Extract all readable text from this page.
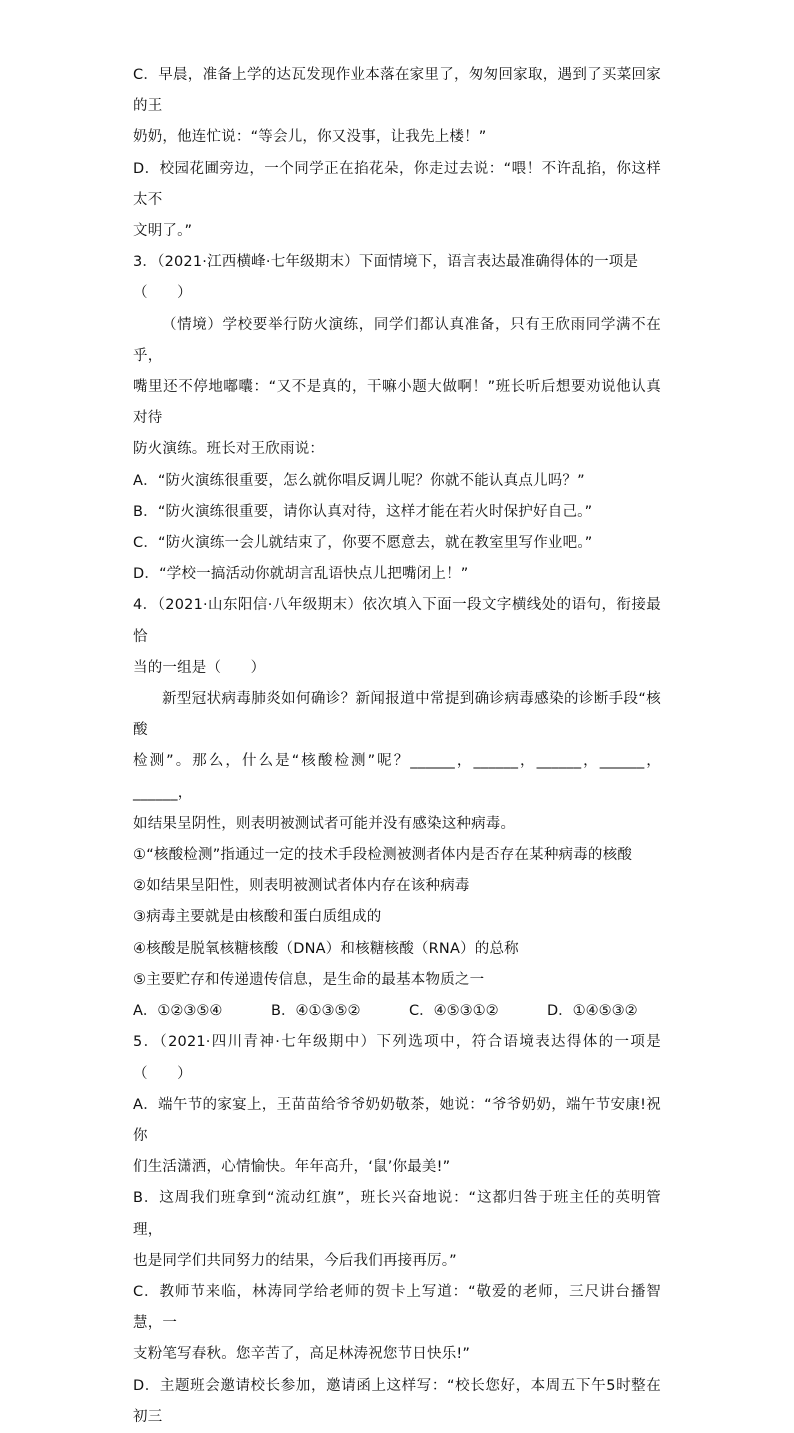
C．早晨，准备上学的达瓦发现作业本落在家里了，匆匆回家取，遇到了买菜回家的王

奶奶，他连忙说：“等会儿，你又没事，让我先上楼！”

D．校园花圃旁边，一个同学正在掐花朵，你走过去说：“喂！不许乱掐，你这样太不

文明了。”

3．（2021·江西横峰·七年级期末）下面情境下，语言表达最准确得体的一项是

（　　）

（情境）学校要举行防火演练，同学们都认真准备，只有王欣雨同学满不在乎，

嘴里还不停地嘟囔：“又不是真的，干嘛小题大做啊！”班长听后想要劝说他认真对待

防火演练。班长对王欣雨说：

A．“防火演练很重要，怎么就你唱反调儿呢？你就不能认真点儿吗？”

B．“防火演练很重要，请你认真对待，这样才能在若火时保护好自己。”

C．“防火演练一会儿就结束了，你要不愿意去，就在教室里写作业吧。”

D．“学校一搞活动你就胡言乱语快点儿把嘴闭上！”

4．（2021·山东阳信·八年级期末）依次填入下面一段文字横线处的语句，衔接最恰

当的一组是（　　）

新型冠状病毒肺炎如何确诊？新闻报道中常提到确诊病毒感染的诊断手段“核酸

检测”。那么，什么是“核酸检测”呢？______，______，______，______，______，

如结果呈阴性，则表明被测试者可能并没有感染这种病毒。

①“核酸检测”指通过一定的技术手段检测被测者体内是否存在某种病毒的核酸

②如结果呈阳性，则表明被测试者体内存在该种病毒

③病毒主要就是由核酸和蛋白质组成的

④核酸是脱氧核糖核酸（DNA）和核糖核酸（RNA）的总称

⑤主要贮存和传递遗传信息，是生命的最基本物质之一

A．①②③⑤④	B．④①③⑤②	C．④⑤③①②	D．①④⑤③②

5．（2021·四川青神·七年级期中）下列选项中，符合语境表达得体的一项是（　　）

A．端午节的家宴上，王苗苗给爷爷奶奶敬茶，她说：“爷爷奶奶，端午节安康!祝你

们生活潇洒，心情愉快。年年高升，‘鼠’你最美!”

B．这周我们班拿到“流动红旗”，班长兴奋地说：“这都归咎于班主任的英明管理，

也是同学们共同努力的结果，今后我们再接再厉。”

C．教师节来临，林涛同学给老师的贺卡上写道：“敬爱的老师，三尺讲台播智慧，一

支粉笔写春秋。您辛苦了，高足林涛祝您节日快乐!”

D．主题班会邀请校长参加，邀请函上这样写：“校长您好，本周五下午5时整在初三
